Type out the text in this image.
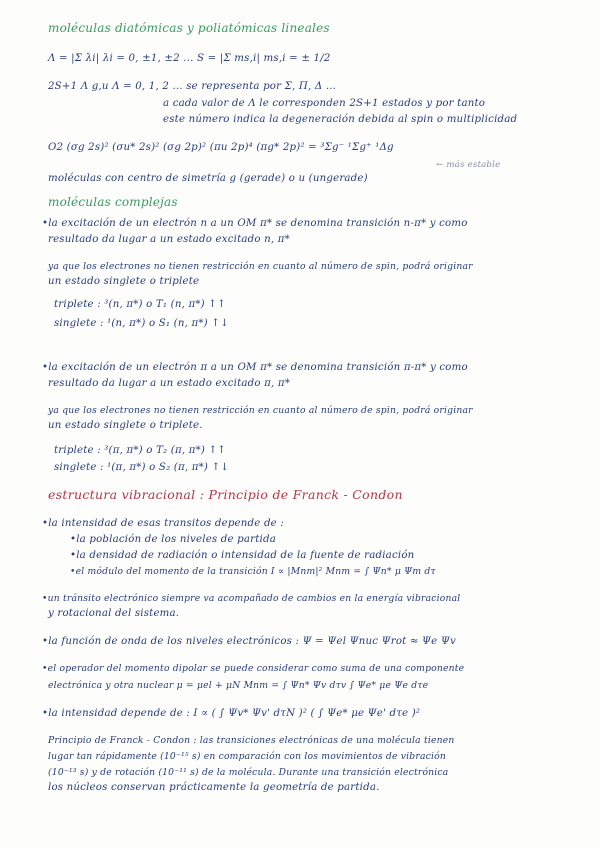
moléculas diatómicas y poliatómicas lineales
Λ = |Σ λi| λi = 0, ±1, ±2 ... S = |Σ ms,i| ms,i = ± 1/2
2S+1 Λ g,u Λ = 0, 1, 2 ... se representa por Σ, Π, Δ ...
a cada valor de Λ le corresponden 2S+1 estados y por tanto
este número indica la degeneración debida al spin o multiplicidad
O2 (σg 2s)² (σu* 2s)² (σg 2p)² (πu 2p)⁴ (πg* 2p)² = ³Σg⁻ ¹Σg⁺ ¹Δg
← más estable
moléculas con centro de simetría g (gerade) o u (ungerade)
moléculas complejas
•la excitación de un electrón n a un OM π* se denomina transición n-π* y como
resultado da lugar a un estado excitado n, π*
ya que los electrones no tienen restricción en cuanto al número de spin, podrá originar
un estado singlete o triplete
triplete : ³(n, π*) o T₁ (n, π*) ↑↑
singlete : ¹(n, π*) o S₁ (n, π*) ↑↓
•la excitación de un electrón π a un OM π* se denomina transición π-π* y como
resultado da lugar a un estado excitado π, π*
ya que los electrones no tienen restricción en cuanto al número de spin, podrá originar
un estado singlete o triplete.
triplete : ³(π, π*) o T₂ (π, π*) ↑↑
singlete : ¹(π, π*) o S₂ (π, π*) ↑↓
estructura vibracional : Principio de Franck - Condon
•la intensidad de esas transitos depende de :
•la población de los niveles de partida
•la densidad de radiación o intensidad de la fuente de radiación
•el módulo del momento de la transición I ∝ |Mnm|² Mnm = ∫ Ψn* μ Ψm dτ
•un tránsito electrónico siempre va acompañado de cambios en la energía vibracional
y rotacional del sistema.
•la función de onda de los niveles electrónicos : Ψ = Ψel Ψnuc Ψrot ≈ Ψe Ψv
•el operador del momento dipolar se puede considerar como suma de una componente
electrónica y otra nuclear μ = μel + μN Mnm = ∫ Ψn* Ψv dτv ∫ Ψe* μe Ψe dτe
•la intensidad depende de : I ∝ ( ∫ Ψv* Ψv' dτN )² ( ∫ Ψe* μe Ψe' dτe )²
Principio de Franck - Condon : las transiciones electrónicas de una molécula tienen
lugar tan rápidamente (10⁻¹⁵ s) en comparación con los movimientos de vibración
(10⁻¹³ s) y de rotación (10⁻¹¹ s) de la molécula. Durante una transición electrónica
los núcleos conservan prácticamente la geometría de partida.
